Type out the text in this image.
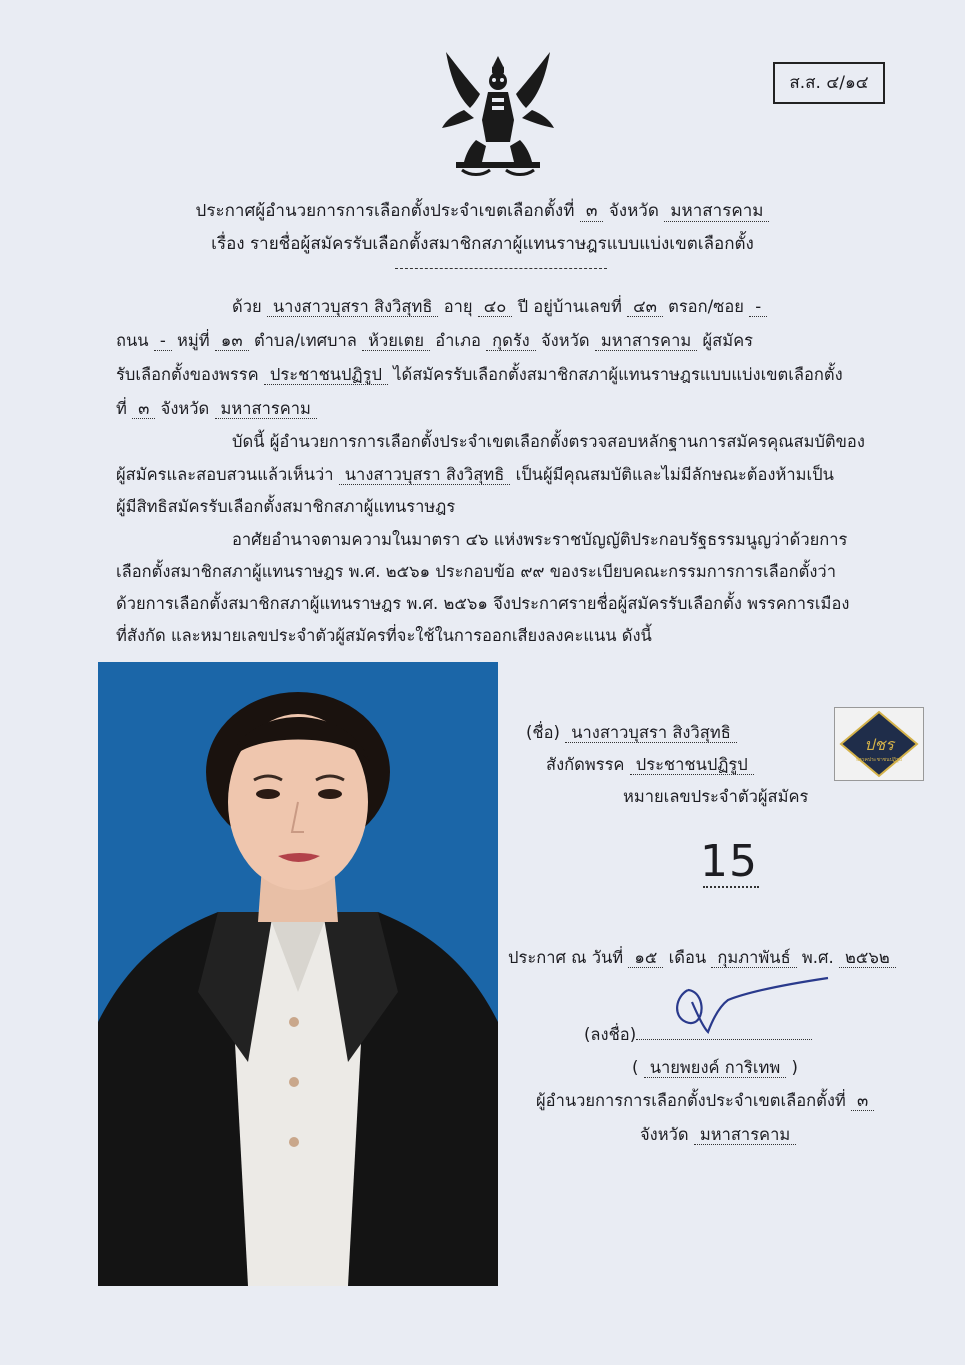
ส.ส. ๔/๑๔
ประกาศผู้อำนวยการการเลือกตั้งประจำเขตเลือกตั้งที่ ๓ จังหวัด มหาสารคาม
เรื่อง รายชื่อผู้สมัครรับเลือกตั้งสมาชิกสภาผู้แทนราษฎรแบบแบ่งเขตเลือกตั้ง
ด้วย นางสาวบุสรา สิงวิสุทธิ อายุ ๔๐ ปี อยู่บ้านเลขที่ ๔๓ ตรอก/ซอย -
ถนน - หมู่ที่ ๑๓ ตำบล/เทศบาล ห้วยเตย อำเภอ กุดรัง จังหวัด มหาสารคาม ผู้สมัคร
รับเลือกตั้งของพรรค ประชาชนปฏิรูป ได้สมัครรับเลือกตั้งสมาชิกสภาผู้แทนราษฎรแบบแบ่งเขตเลือกตั้ง
ที่ ๓ จังหวัด มหาสารคาม
บัดนี้ ผู้อำนวยการการเลือกตั้งประจำเขตเลือกตั้งตรวจสอบหลักฐานการสมัครคุณสมบัติของ
ผู้สมัครและสอบสวนแล้วเห็นว่า นางสาวบุสรา สิงวิสุทธิ เป็นผู้มีคุณสมบัติและไม่มีลักษณะต้องห้ามเป็น
ผู้มีสิทธิสมัครรับเลือกตั้งสมาชิกสภาผู้แทนราษฎร
อาศัยอำนาจตามความในมาตรา ๔๖ แห่งพระราชบัญญัติประกอบรัฐธรรมนูญว่าด้วยการ
เลือกตั้งสมาชิกสภาผู้แทนราษฎร พ.ศ. ๒๕๖๑ ประกอบข้อ ๙๙ ของระเบียบคณะกรรมการการเลือกตั้งว่า
ด้วยการเลือกตั้งสมาชิกสภาผู้แทนราษฎร พ.ศ. ๒๕๖๑ จึงประกาศรายชื่อผู้สมัครรับเลือกตั้ง พรรคการเมือง
ที่สังกัด และหมายเลขประจำตัวผู้สมัครที่จะใช้ในการออกเสียงลงคะแนน ดังนี้
(ชื่อ) นางสาวบุสรา สิงวิสุทธิ
สังกัดพรรค ประชาชนปฏิรูป
หมายเลขประจำตัวผู้สมัคร
15
ปชร
พรรคประชาชนปฏิรูป
ประกาศ ณ วันที่ ๑๕ เดือน กุมภาพันธ์ พ.ศ. ๒๕๖๒
(ลงชื่อ)
( นายพยงค์ การิเทพ )
ผู้อำนวยการการเลือกตั้งประจำเขตเลือกตั้งที่ ๓
จังหวัด มหาสารคาม
